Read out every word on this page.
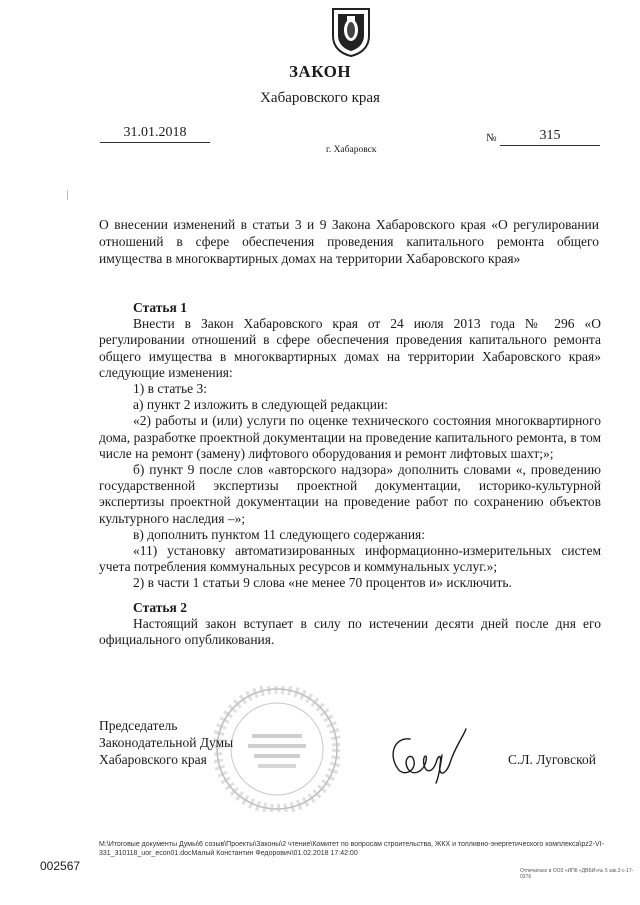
ЗАКОН
Хабаровского края
31.01.2018
г. Хабаровск
№	315
О внесении изменений в статьи 3 и 9 Закона Хабаровского края «О регулировании отношений в сфере обеспечения проведения капитального ремонта общего имущества в многоквартирных домах на территории Хабаровского края»

Статья 1

Внести в Закон Хабаровского края от 24 июля 2013 года № 296 «О регулировании отношений в сфере обеспечения проведения капитального ремонта общего имущества в многоквартирных домах на территории Хабаровского края» следующие изменения:

1) в статье 3:

а) пункт 2 изложить в следующей редакции:

«2) работы и (или) услуги по оценке технического состояния многоквартирного дома, разработке проектной документации на проведение капитального ремонта, в том числе на ремонт (замену) лифтового оборудования и ремонт лифтовых шахт;»;

б) пункт 9 после слов «авторского надзора» дополнить словами «, проведению государственной экспертизы проектной документации, историко-культурной экспертизы проектной документации на проведение работ по сохранению объектов культурного наследия –»;

в) дополнить пунктом 11 следующего содержания:

«11) установку автоматизированных информационно-измерительных систем учета потребления коммунальных ресурсов и коммунальных услуг.»;

2) в части 1 статьи 9 слова «не менее 70 процентов и» исключить.

Статья 2

Настоящий закон вступает в силу по истечении десяти дней после дня его официального опубликования.

Председатель
Законодательной Думы
Хабаровского края	С.Л. Луговской
М:\Итоговые документы Думы\6 созыв\Проекты\Законы\2 чтение\Комитет по вопросам строительства, ЖКХ и топливно-энергетического комплекса\pz2-VI-331_310118_uor_econ01.docМалый Константин Федорович\01.02.2018 17:42:00
Отпечатано в ОО3 «ИПК «ДВБИ»№ 5 зак.3 с-17-0276
002567
